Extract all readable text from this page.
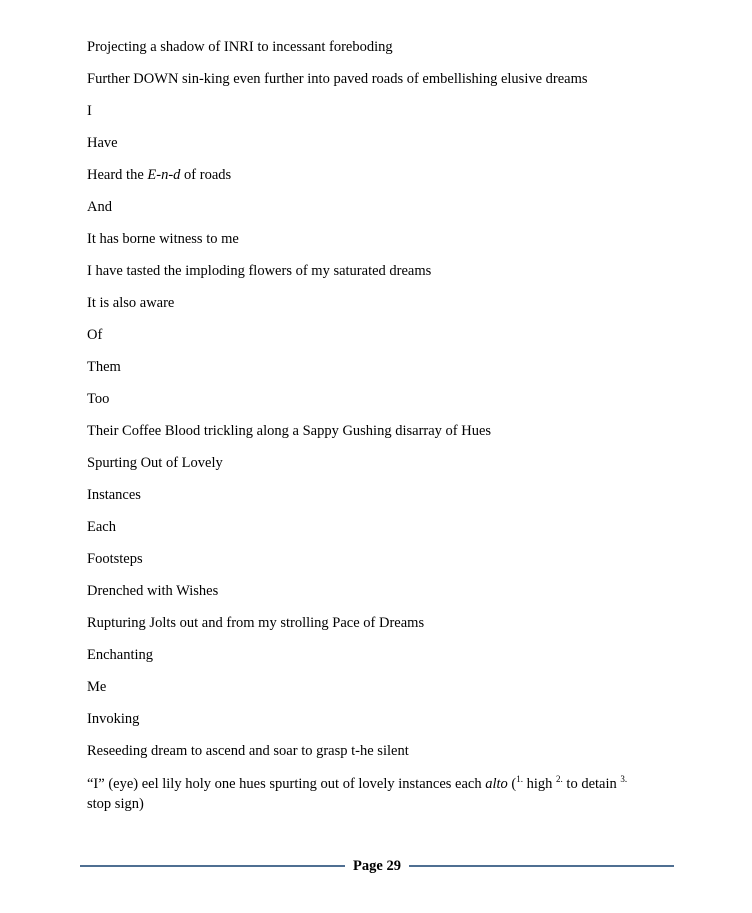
Projecting a shadow of INRI to incessant foreboding
Further DOWN sin-king even further into paved roads of embellishing elusive dreams
I
Have
Heard the E-n-d of roads
And
It has borne witness to me
I have tasted the imploding flowers of my saturated dreams
It is also aware
Of
Them
Too
Their Coffee Blood trickling along a Sappy Gushing disarray of Hues
Spurting Out of Lovely
Instances
Each
Footsteps
Drenched with Wishes
Rupturing Jolts out and from my strolling Pace of Dreams
Enchanting
Me
Invoking
Reseeding dream to ascend and soar to grasp t-he silent
“I” (eye) eel lily holy one hues spurting out of lovely instances each alto ($^{1.}$ high $^{2.}$ to detain $^{3.}$
stop sign)
Page 29
